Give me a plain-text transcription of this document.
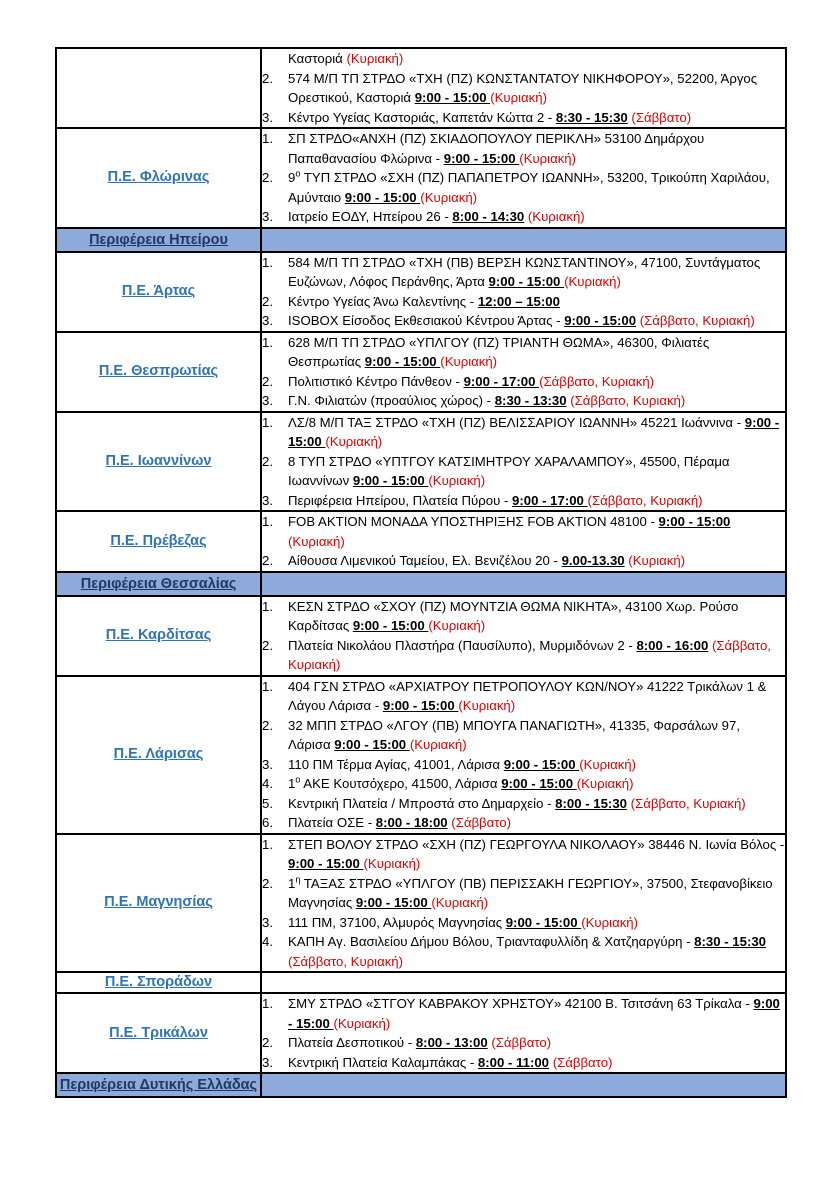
	Καστοριά (Κυριακή)
2. 574 Μ/Π ΤΠ ΣΤΡΔΟ «ΤΧΗ (ΠΖ) ΚΩΝΣΤΑΝΤΑΤΟΥ ΝΙΚΗΦΟΡΟΥ», 52200, Άργος Ορεστικού, Καστοριά 9:00 - 15:00 (Κυριακή)
3. Κέντρο Υγείας Καστοριάς, Καπετάν Κώττα 2 - 8:30 - 15:30 (Σάββατο)

Π.Ε. Φλώρινας	
1.	ΣΠ ΣΤΡΔΟ«ΑΝΧΗ (ΠΖ) ΣΚΙΑΔΟΠΟΥΛΟΥ ΠΕΡΙΚΛΗ» 53100 Δημάρχου Παπαθανασίου Φλώρινα - 9:00 - 15:00 (Κυριακή)
2.	$9^o$ ΤΥΠ ΣΤΡΔΟ «ΣΧΗ (ΠΖ) ΠΑΠΑΠΕΤΡΟΥ ΙΩΑΝΝΗ», 53200, Τρικούπη Χαριλάου, Αμύνταιο 9:00 - 15:00 (Κυριακή)
3.	Ιατρείο ΕΟΔΥ, Ηπείρου 26 - 8:00 - 14:30 (Κυριακή)

Περιφέρεια Ηπείρου	
Π.Ε. Άρτας	
1.	584 Μ/Π ΤΠ ΣΤΡΔΟ «ΤΧΗ (ΠΒ) ΒΕΡΣΗ ΚΩΝΣΤΑΝΤΙΝΟΥ», 47100, Συντάγματος Ευζώνων, Λόφος Περάνθης, Άρτα 9:00 - 15:00 (Κυριακή)
2.	Κέντρο Υγείας Άνω Καλεντίνης - 12:00 – 15:00
3.	ISOBOX Είσοδος Εκθεσιακού Κέντρου Άρτας - 9:00 - 15:00 (Σάββατο, Κυριακή)

Π.Ε. Θεσπρωτίας	
1.	628 Μ/Π ΤΠ ΣΤΡΔΟ «ΥΠΛΓΟΥ (ΠΖ) ΤΡΙΑΝΤΗ ΘΩΜΑ», 46300, Φιλιατές Θεσπρωτίας 9:00 - 15:00 (Κυριακή)
2.	Πολιτιστικό Κέντρο Πάνθεον - 9:00 - 17:00 (Σάββατο, Κυριακή)
3.	Γ.Ν. Φιλιατών (προαύλιος χώρος) - 8:30 - 13:30 (Σάββατο, Κυριακή)

Π.Ε. Ιωαννίνων	
1.	ΛΣ/8 Μ/Π ΤΑΞ ΣΤΡΔΟ «ΤΧΗ (ΠΖ) ΒΕΛΙΣΣΑΡΙΟΥ ΙΩΑΝΝΗ» 45221 Ιωάννινα - 9:00 - 15:00 (Κυριακή)
2.	8 ΤΥΠ ΣΤΡΔΟ «ΥΠΤΓΟΥ ΚΑΤΣΙΜΗΤΡΟΥ ΧΑΡΑΛΑΜΠΟΥ», 45500, Πέραμα Ιωαννίνων 9:00 - 15:00 (Κυριακή)
3.	Περιφέρεια Ηπείρου, Πλατεία Πύρου - 9:00 - 17:00 (Σάββατο, Κυριακή)

Π.Ε. Πρέβεζας	1. FOB AKTION ΜΟΝΑΔΑ ΥΠΟΣΤΗΡΙΞΗΣ FOB AKTION 48100 - 9:00 - 15:00 (Κυριακή)
2. Αίθουσα Λιμενικού Ταμείου, Ελ. Βενιζέλου 20 - 9.00-13.30 (Κυριακή)

Περιφέρεια Θεσσαλίας	
Π.Ε. Καρδίτσας	1. ΚΕΣΝ ΣΤΡΔΟ «ΣΧΟΥ (ΠΖ) ΜΟΥΝΤΖΙΑ ΘΩΜΑ ΝΙΚΗΤΑ», 43100 Χωρ. Ρούσο Καρδίτσας 9:00 - 15:00 (Κυριακή)
2. Πλατεία Νικολάου Πλαστήρα (Παυσίλυπο), Μυρμιδόνων 2 - 8:00 - 16:00 (Σάββατο, Κυριακή)

Π.Ε. Λάρισας	
1.	404 ΓΣΝ ΣΤΡΔΟ «ΑΡΧΙΑΤΡΟΥ ΠΕΤΡΟΠΟΥΛΟΥ ΚΩΝ/ΝΟΥ» 41222 Τρικάλων 1 & Λάγου Λάρισα - 9:00 - 15:00 (Κυριακή)
2.	32 ΜΠΠ ΣΤΡΔΟ «ΛΓΟΥ (ΠΒ) ΜΠΟΥΓΑ ΠΑΝΑΓΙΩΤΗ», 41335, Φαρσάλων 97, Λάρισα 9:00 - 15:00 (Κυριακή)
3.	110 ΠΜ Τέρμα Αγίας, 41001, Λάρισα 9:00 - 15:00 (Κυριακή)
4.	$1^o$ ΑΚΕ Κουτσόχερο, 41500, Λάρισα 9:00 - 15:00 (Κυριακή)
5.	Κεντρική Πλατεία / Μπροστά στο Δημαρχείο - 8:00 - 15:30 (Σάββατο, Κυριακή)
6.	Πλατεία ΟΣΕ - 8:00 - 18:00 (Σάββατο)

Π.Ε. Μαγνησίας	
1.	ΣΤΕΠ ΒΟΛΟΥ ΣΤΡΔΟ «ΣΧΗ (ΠΖ) ΓΕΩΡΓΟΥΛΑ ΝΙΚΟΛΑΟΥ» 38446 Ν. Ιωνία Βόλος - 9:00 - 15:00 (Κυριακή)
2.	$1^\eta$ ΤΑΞΑΣ ΣΤΡΔΟ «ΥΠΛΓΟΥ (ΠΒ) ΠΕΡΙΣΣΑΚΗ ΓΕΩΡΓΙΟΥ», 37500, Στεφανοβίκειο Μαγνησίας 9:00 - 15:00 (Κυριακή)
3.	111 ΠΜ, 37100, Αλμυρός Μαγνησίας 9:00 - 15:00 (Κυριακή)
4.	ΚΑΠΗ Αγ. Βασιλείου Δήμου Βόλου, Τριανταφυλλίδη & Χατζηαργύρη - 8:30 - 15:30 (Σάββατο, Κυριακή)

Π.Ε. Σποράδων	
Π.Ε. Τρικάλων	
1.	ΣΜΥ ΣΤΡΔΟ «ΣΤΓΟΥ ΚΑΒΡΑΚΟΥ ΧΡΗΣΤΟΥ» 42100 Β. Τσιτσάνη 63 Τρίκαλα - 9:00 - 15:00 (Κυριακή)
2.	Πλατεία Δεσποτικού - 8:00 - 13:00 (Σάββατο)
3.	Κεντρική Πλατεία Καλαμπάκας - 8:00 - 11:00 (Σάββατο)

Περιφέρεια Δυτικής Ελλάδας	
